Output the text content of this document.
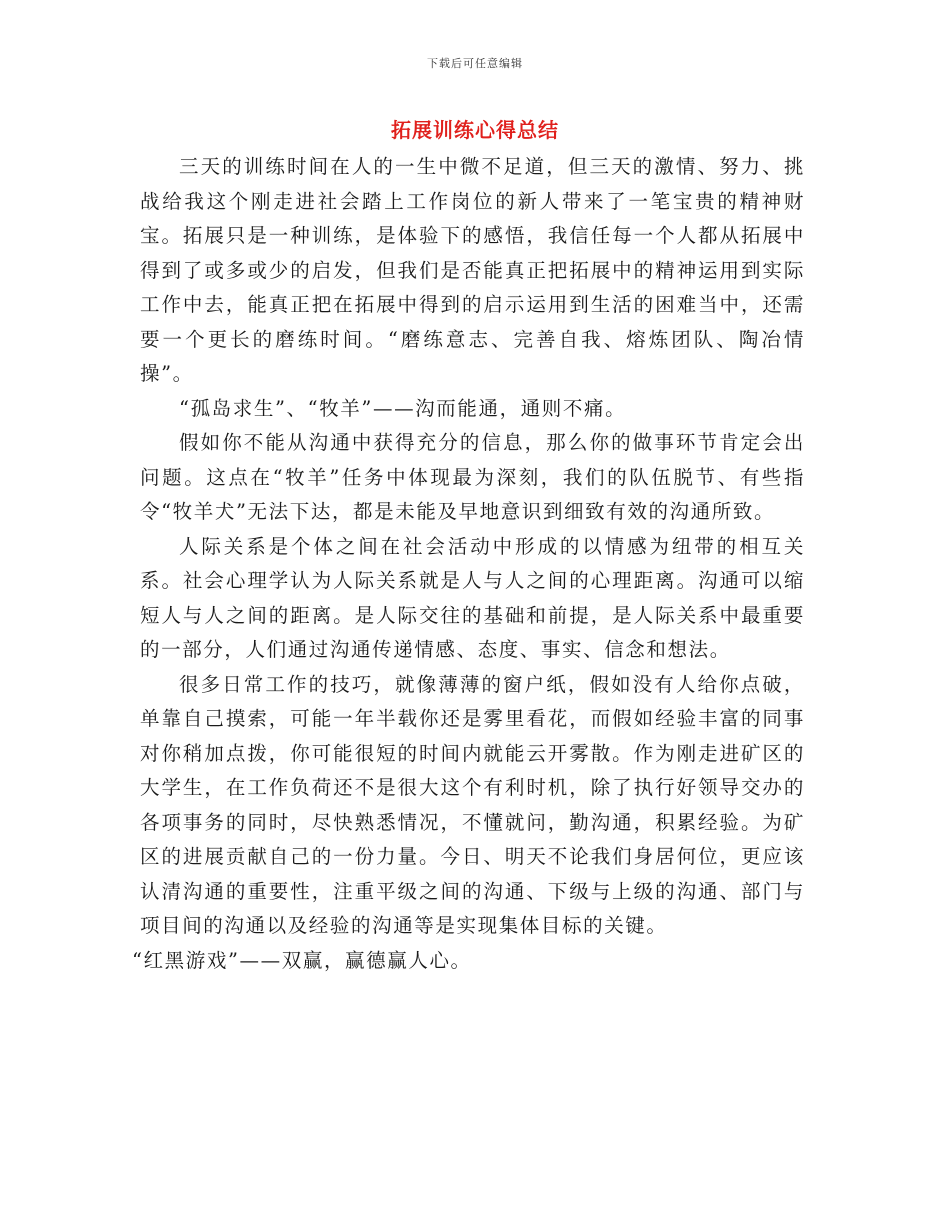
下载后可任意编辑
拓展训练心得总结

三天的训练时间在人的一生中微不足道，但三天的激情、努力、挑战给我这个刚走进社会踏上工作岗位的新人带来了一笔宝贵的精神财宝。拓展只是一种训练，是体验下的感悟，我信任每一个人都从拓展中得到了或多或少的启发，但我们是否能真正把拓展中的精神运用到实际工作中去，能真正把在拓展中得到的启示运用到生活的困难当中，还需要一个更长的磨练时间。“磨练意志、完善自我、熔炼团队、陶冶情操”。

“孤岛求生”、“牧羊”——沟而能通，通则不痛。

假如你不能从沟通中获得充分的信息，那么你的做事环节肯定会出问题。这点在“牧羊”任务中体现最为深刻，我们的队伍脱节、有些指令“牧羊犬”无法下达，都是未能及早地意识到细致有效的沟通所致。

人际关系是个体之间在社会活动中形成的以情感为纽带的相互关系。社会心理学认为人际关系就是人与人之间的心理距离。沟通可以缩短人与人之间的距离。是人际交往的基础和前提，是人际关系中最重要的一部分，人们通过沟通传递情感、态度、事实、信念和想法。

很多日常工作的技巧，就像薄薄的窗户纸，假如没有人给你点破，单靠自己摸索，可能一年半载你还是雾里看花，而假如经验丰富的同事对你稍加点拨，你可能很短的时间内就能云开雾散。作为刚走进矿区的大学生，在工作负荷还不是很大这个有利时机，除了执行好领导交办的各项事务的同时，尽快熟悉情况，不懂就问，勤沟通，积累经验。为矿区的进展贡献自己的一份力量。今日、明天不论我们身居何位，更应该认清沟通的重要性，注重平级之间的沟通、下级与上级的沟通、部门与项目间的沟通以及经验的沟通等是实现集体目标的关键。

“红黑游戏”——双赢，赢德赢人心。
